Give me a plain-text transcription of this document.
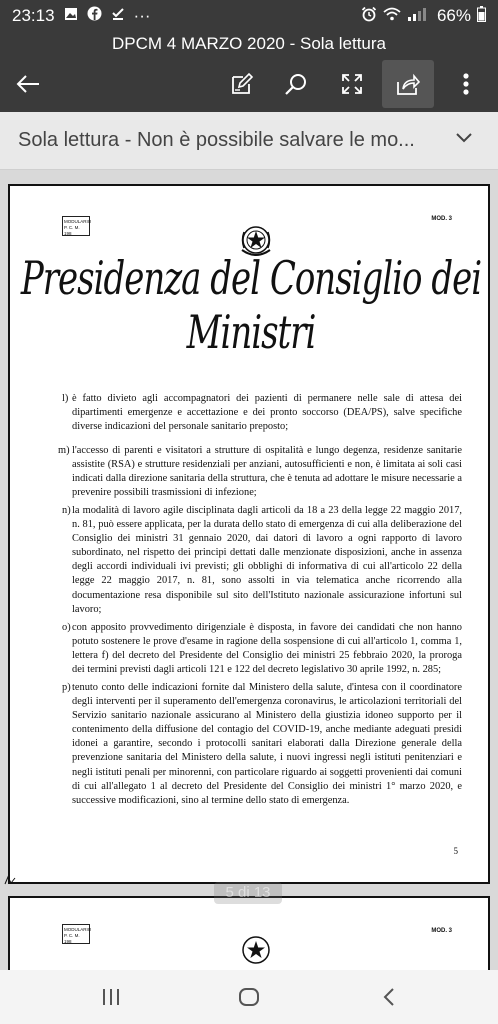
23:13	···	66%
DPCM 4 MARZO 2020 - Sola lettura
Sola lettura - Non è possibile salvare le mo...
MODULARIO
P. C. M. 198
MOD. 3
Presidenza del Consiglio dei Ministri
l) è fatto divieto agli accompagnatori dei pazienti di permanere nelle sale di attesa dei dipartimenti emergenze e accettazione e dei pronto soccorso (DEA/PS), salve specifiche diverse indicazioni del personale sanitario preposto;
m) l'accesso di parenti e visitatori a strutture di ospitalità e lungo degenza, residenze sanitarie assistite (RSA) e strutture residenziali per anziani, autosufficienti e non, è limitata ai soli casi indicati dalla direzione sanitaria della struttura, che è tenuta ad adottare le misure necessarie a prevenire possibili trasmissioni di infezione;
n) la modalità di lavoro agile disciplinata dagli articoli da 18 a 23 della legge 22 maggio 2017, n. 81, può essere applicata, per la durata dello stato di emergenza di cui alla deliberazione del Consiglio dei ministri 31 gennaio 2020, dai datori di lavoro a ogni rapporto di lavoro subordinato, nel rispetto dei principi dettati dalle menzionate disposizioni, anche in assenza degli accordi individuali ivi previsti; gli obblighi di informativa di cui all'articolo 22 della legge 22 maggio 2017, n. 81, sono assolti in via telematica anche ricorrendo alla documentazione resa disponibile sul sito dell'Istituto nazionale assicurazione infortuni sul lavoro;
o) con apposito provvedimento dirigenziale è disposta, in favore dei candidati che non hanno potuto sostenere le prove d'esame in ragione della sospensione di cui all'articolo 1, comma 1, lettera f) del decreto del Presidente del Consiglio dei ministri 25 febbraio 2020, la proroga dei termini previsti dagli articoli 121 e 122 del decreto legislativo 30 aprile 1992, n. 285;
p) tenuto conto delle indicazioni fornite dal Ministero della salute, d'intesa con il coordinatore degli interventi per il superamento dell'emergenza coronavirus, le articolazioni territoriali del Servizio sanitario nazionale assicurano al Ministero della giustizia idoneo supporto per il contenimento della diffusione del contagio del COVID-19, anche mediante adeguati presidi idonei a garantire, secondo i protocolli sanitari elaborati dalla Direzione generale della prevenzione sanitaria del Ministero della salute, i nuovi ingressi negli istituti penitenziari e negli istituti penali per minorenni, con particolare riguardo ai soggetti provenienti dai comuni di cui all'allegato 1 al decreto del Presidente del Consiglio dei ministri 1° marzo 2020, e successive modificazioni, sino al termine dello stato di emergenza.
5
MODULARIO
P. C. M. 198
MOD. 3
5 di 13
